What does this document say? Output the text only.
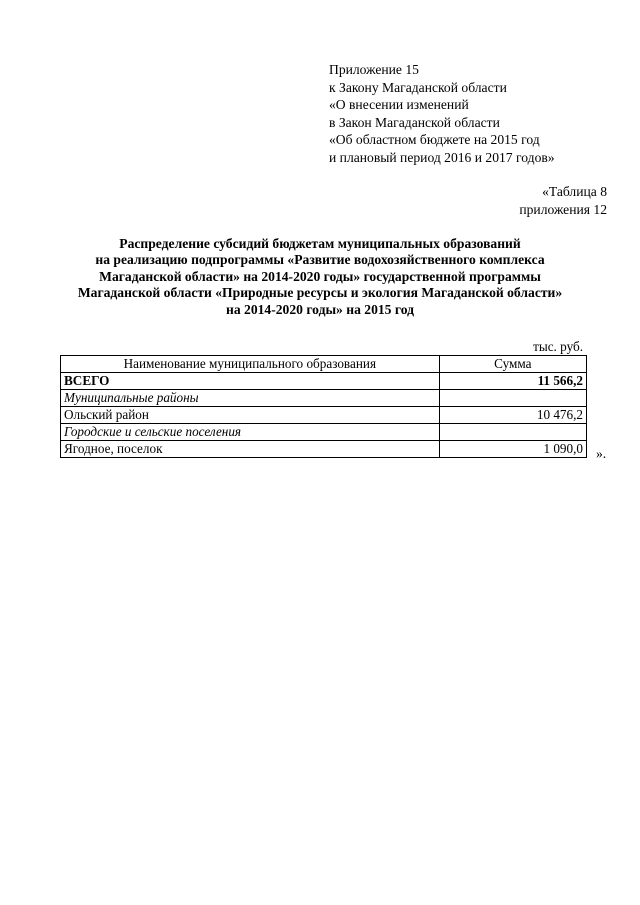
Приложение 15
к Закону Магаданской области
«О внесении изменений
в Закон Магаданской области
«Об областном бюджете на 2015 год
и плановый период 2016 и 2017 годов»
«Таблица 8
приложения 12
Распределение субсидий бюджетам муниципальных образований
на реализацию подпрограммы «Развитие водохозяйственного комплекса
Магаданской области» на 2014-2020 годы» государственной программы
Магаданской области «Природные ресурсы и экология Магаданской области»
на 2014-2020 годы» на 2015 год
тыс. руб.
Наименование муниципального образования	Сумма
ВСЕГО	11 566,2
Муниципальные районы	
Ольский район	10 476,2
Городские и сельские поселения	
Ягодное, поселок	1 090,0 ».
